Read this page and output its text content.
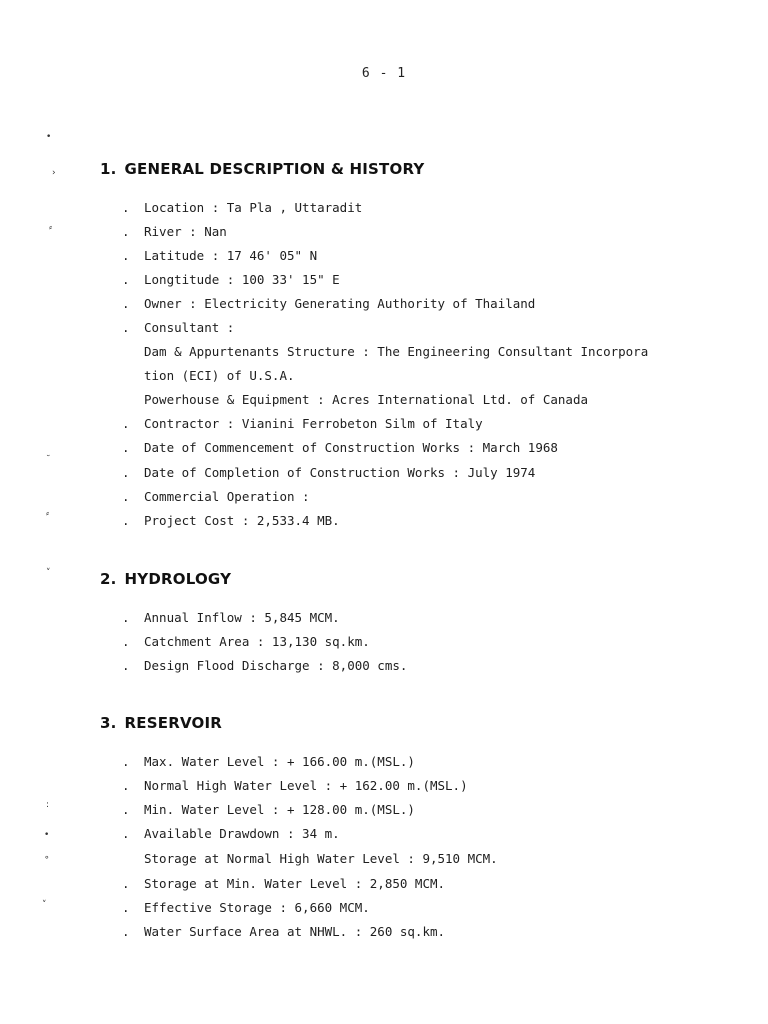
6 - 1
•
›
⸗
˘
⸗
˅
:
•
∘
˅
1. GENERAL DESCRIPTION & HISTORY
. Location : Ta Pla , Uttaradit
. River : Nan
. Latitude : 17 46' 05" N
. Longtitude : 100 33' 15" E
. Owner : Electricity Generating Authority of Thailand
. Consultant :
Dam & Appurtenants Structure : The Engineering Consultant Incorpora
tion (ECI) of U.S.A.
Powerhouse & Equipment : Acres International Ltd. of Canada
. Contractor : Vianini Ferrobeton Silm of Italy
. Date of Commencement of Construction Works : March 1968
. Date of Completion of Construction Works : July 1974
. Commercial Operation :
. Project Cost : 2,533.4 MB.
2. HYDROLOGY
. Annual Inflow : 5,845 MCM.
. Catchment Area : 13,130 sq.km.
. Design Flood Discharge : 8,000 cms.
3. RESERVOIR
. Max. Water Level : + 166.00 m.(MSL.)
. Normal High Water Level : + 162.00 m.(MSL.)
. Min. Water Level : + 128.00 m.(MSL.)
. Available Drawdown : 34 m.
Storage at Normal High Water Level : 9,510 MCM.
. Storage at Min. Water Level : 2,850 MCM.
. Effective Storage : 6,660 MCM.
. Water Surface Area at NHWL. : 260 sq.km.
